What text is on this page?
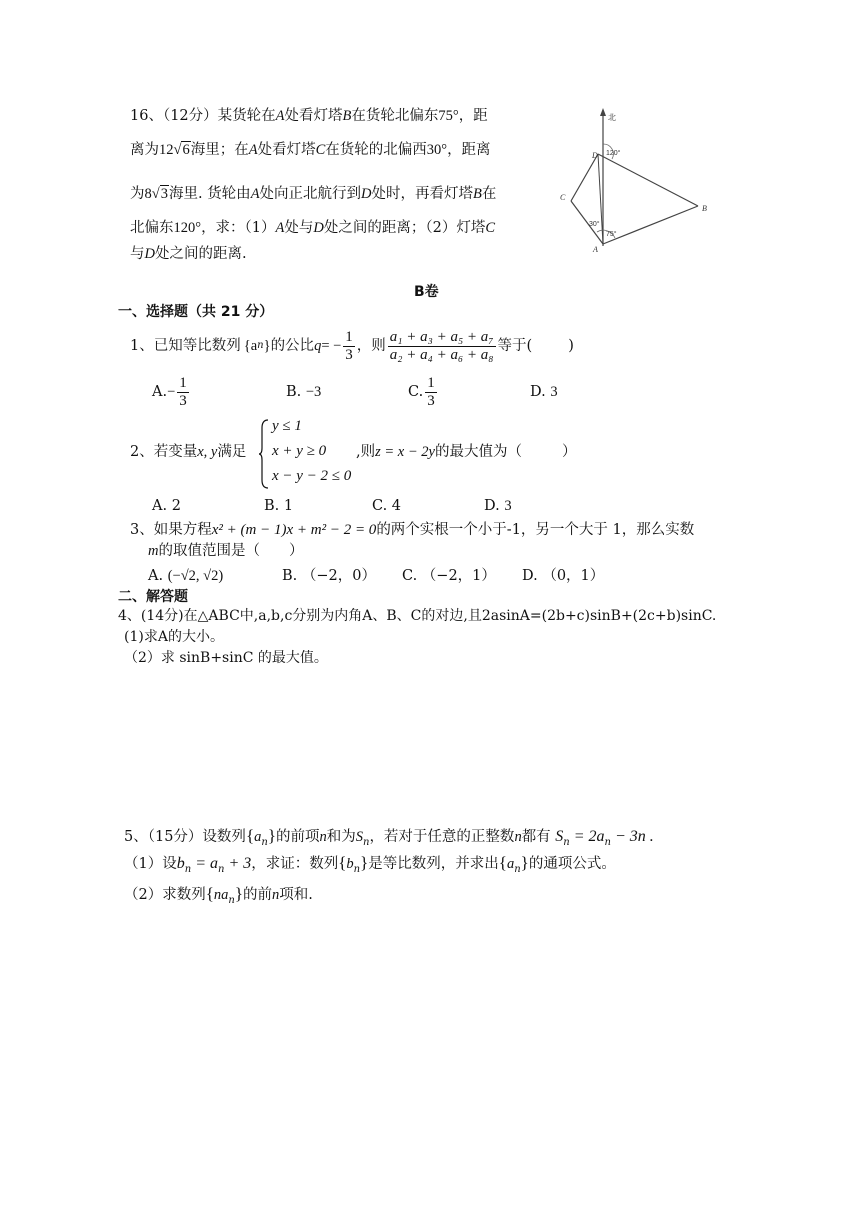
16、（12分）某货轮在A处看灯塔B在货轮北偏东75°，距
离为12√6海里；在A处看灯塔C在货轮的北偏西30°，距离
为8√3海里. 货轮由A处向正北航行到D处时，再看灯塔B在
北偏东120°，求：（1）A处与D处之间的距离；（2）灯塔C
与D处之间的距离.
北
D 120°
C
B
30°
75°
A
B卷
一、选择题（共 21 分）
1、已知等比数列 {a n } 的公比 q = − $\frac{1}{3}$ ，则 $\frac{\text{a₁ + a₃ + a₅ + a₇}}{\text{a₂ + a₄ + a₆ + a₈}}$ 等于( )
A. − $\frac{1}{3}$	B. −3	C. $\frac{1}{3}$	D. 3
2、若变量x, y满足
y ≤ 1
x + y ≥ 0
x − y − 2 ≤ 0
,则z = x − 2y的最大值为（	）
A. 2	B. 1	C. 4	D. 3
3、如果方程x² + (m − 1)x + m² − 2 = 0的两个实根一个小于-1，另一个大于 1，那么实数
m的取值范围是（　　）
A. (−√2, √2)	B. （−2，0） C. （−2，1） D. （0，1）
二、解答题
4、(14分)在△ABC中,a,b,c分别为内角A、B、C的对边,且2asinA=(2b+c)sinB+(2c+b)sinC.
(1)求A的大小。
（2）求 sinB+sinC 的最大值。
5、（15分）设数列$\{a_n\}$的前项n和为$S_n$，若对于任意的正整数n都有 $S_n = 2a_n - 3n$ .
（1）设$b_n = a_n + 3$，求证：数列$\{b_n\}$是等比数列，并求出$\{a_n\}$的通项公式。
（2）求数列$\{na_n\}$的前n项和.
